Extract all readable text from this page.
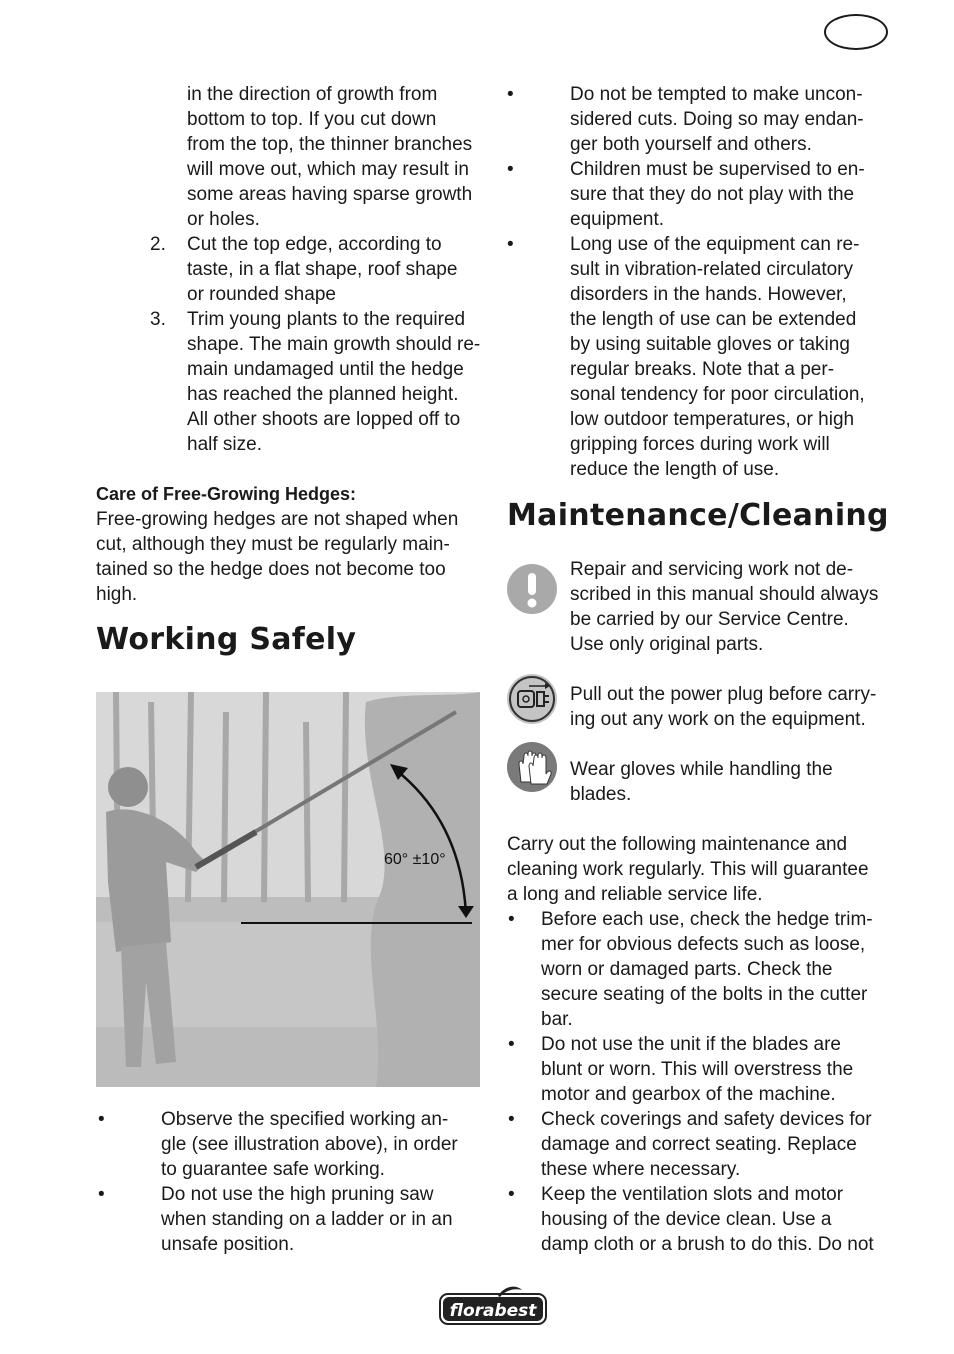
in the direction of growth from
bottom to top. If you cut down
from the top, the thinner branches
will move out, which may result in
some areas having sparse growth
or holes.
2. Cut the top edge, according to
taste, in a flat shape, roof shape
or rounded shape
3. Trim young plants to the required
shape. The main growth should re-
main undamaged until the hedge
has reached the planned height.
All other shoots are lopped off to
half size.
Care of Free-Growing Hedges:
Free-growing hedges are not shaped when
cut, although they must be regularly main-
tained so the hedge does not become too
high.
Working Safely
60° ±10°
•	Observe the specified working an-
gle (see illustration above), in order
to guarantee safe working.
•	Do not use the high pruning saw
when standing on a ladder or in an
unsafe position.
•	Do not be tempted to make uncon-
sidered cuts. Doing so may endan-
ger both yourself and others.
•	Children must be supervised to en-
sure that they do not play with the
equipment.
•	Long use of the equipment can re-
sult in vibration-related circulatory
disorders in the hands. However,
the length of use can be extended
by using suitable gloves or taking
regular breaks. Note that a per-
sonal tendency for poor circulation,
low outdoor temperatures, or high
gripping forces during work will
reduce the length of use.
Maintenance/Cleaning
Repair and servicing work not de-
scribed in this manual should always
be carried by our Service Centre.
Use only original parts.
Pull out the power plug before carry-
ing out any work on the equipment.
Wear gloves while handling the
blades.
Carry out the following maintenance and
cleaning work regularly. This will guarantee
a long and reliable service life.
• Before each use, check the hedge trim-
mer for obvious defects such as loose,
worn or damaged parts. Check the
secure seating of the bolts in the cutter
bar.
• Do not use the unit if the blades are
blunt or worn. This will overstress the
motor and gearbox of the machine.
• Check coverings and safety devices for
damage and correct seating. Replace
these where necessary.
• Keep the ventilation slots and motor
housing of the device clean. Use a
damp cloth or a brush to do this. Do not
florabest
